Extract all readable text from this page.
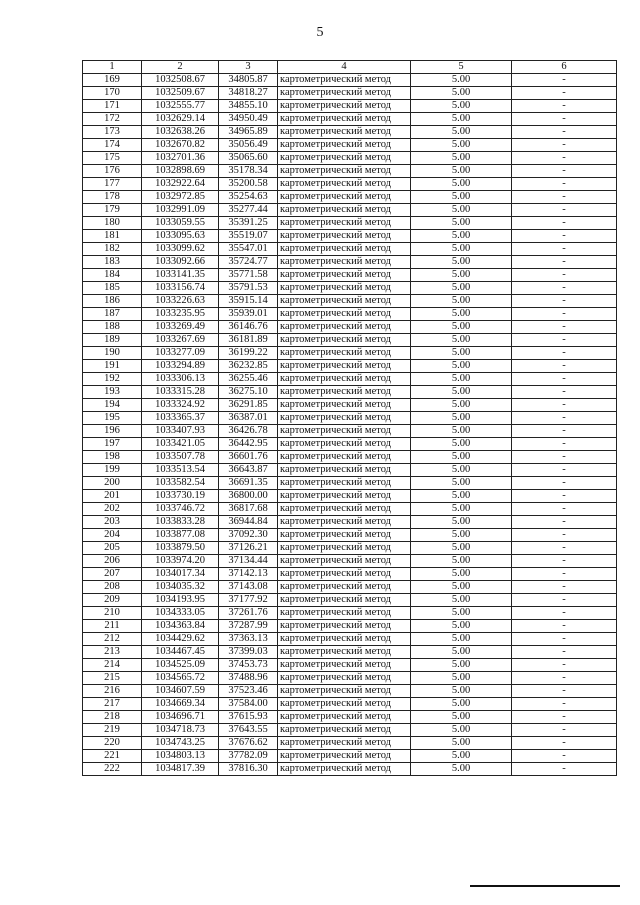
5
1	2	3	4	5	6
169	1032508.67	34805.87	картометрический метод	5.00	-
170	1032509.67	34818.27	картометрический метод	5.00	-
171	1032555.77	34855.10	картометрический метод	5.00	-
172	1032629.14	34950.49	картометрический метод	5.00	-
173	1032638.26	34965.89	картометрический метод	5.00	-
174	1032670.82	35056.49	картометрический метод	5.00	-
175	1032701.36	35065.60	картометрический метод	5.00	-
176	1032898.69	35178.34	картометрический метод	5.00	-
177	1032922.64	35200.58	картометрический метод	5.00	-
178	1032972.85	35254.63	картометрический метод	5.00	-
179	1032991.09	35277.44	картометрический метод	5.00	-
180	1033059.55	35391.25	картометрический метод	5.00	-
181	1033095.63	35519.07	картометрический метод	5.00	-
182	1033099.62	35547.01	картометрический метод	5.00	-
183	1033092.66	35724.77	картометрический метод	5.00	-
184	1033141.35	35771.58	картометрический метод	5.00	-
185	1033156.74	35791.53	картометрический метод	5.00	-
186	1033226.63	35915.14	картометрический метод	5.00	-
187	1033235.95	35939.01	картометрический метод	5.00	-
188	1033269.49	36146.76	картометрический метод	5.00	-
189	1033267.69	36181.89	картометрический метод	5.00	-
190	1033277.09	36199.22	картометрический метод	5.00	-
191	1033294.89	36232.85	картометрический метод	5.00	-
192	1033306.13	36255.46	картометрический метод	5.00	-
193	1033315.28	36275.10	картометрический метод	5.00	-
194	1033324.92	36291.85	картометрический метод	5.00	-
195	1033365.37	36387.01	картометрический метод	5.00	-
196	1033407.93	36426.78	картометрический метод	5.00	-
197	1033421.05	36442.95	картометрический метод	5.00	-
198	1033507.78	36601.76	картометрический метод	5.00	-
199	1033513.54	36643.87	картометрический метод	5.00	-
200	1033582.54	36691.35	картометрический метод	5.00	-
201	1033730.19	36800.00	картометрический метод	5.00	-
202	1033746.72	36817.68	картометрический метод	5.00	-
203	1033833.28	36944.84	картометрический метод	5.00	-
204	1033877.08	37092.30	картометрический метод	5.00	-
205	1033879.50	37126.21	картометрический метод	5.00	-
206	1033974.20	37134.44	картометрический метод	5.00	-
207	1034017.34	37142.13	картометрический метод	5.00	-
208	1034035.32	37143.08	картометрический метод	5.00	-
209	1034193.95	37177.92	картометрический метод	5.00	-
210	1034333.05	37261.76	картометрический метод	5.00	-
211	1034363.84	37287.99	картометрический метод	5.00	-
212	1034429.62	37363.13	картометрический метод	5.00	-
213	1034467.45	37399.03	картометрический метод	5.00	-
214	1034525.09	37453.73	картометрический метод	5.00	-
215	1034565.72	37488.96	картометрический метод	5.00	-
216	1034607.59	37523.46	картометрический метод	5.00	-
217	1034669.34	37584.00	картометрический метод	5.00	-
218	1034696.71	37615.93	картометрический метод	5.00	-
219	1034718.73	37643.55	картометрический метод	5.00	-
220	1034743.25	37676.62	картометрический метод	5.00	-
221	1034803.13	37782.09	картометрический метод	5.00	-
222	1034817.39	37816.30	картометрический метод	5.00	-
